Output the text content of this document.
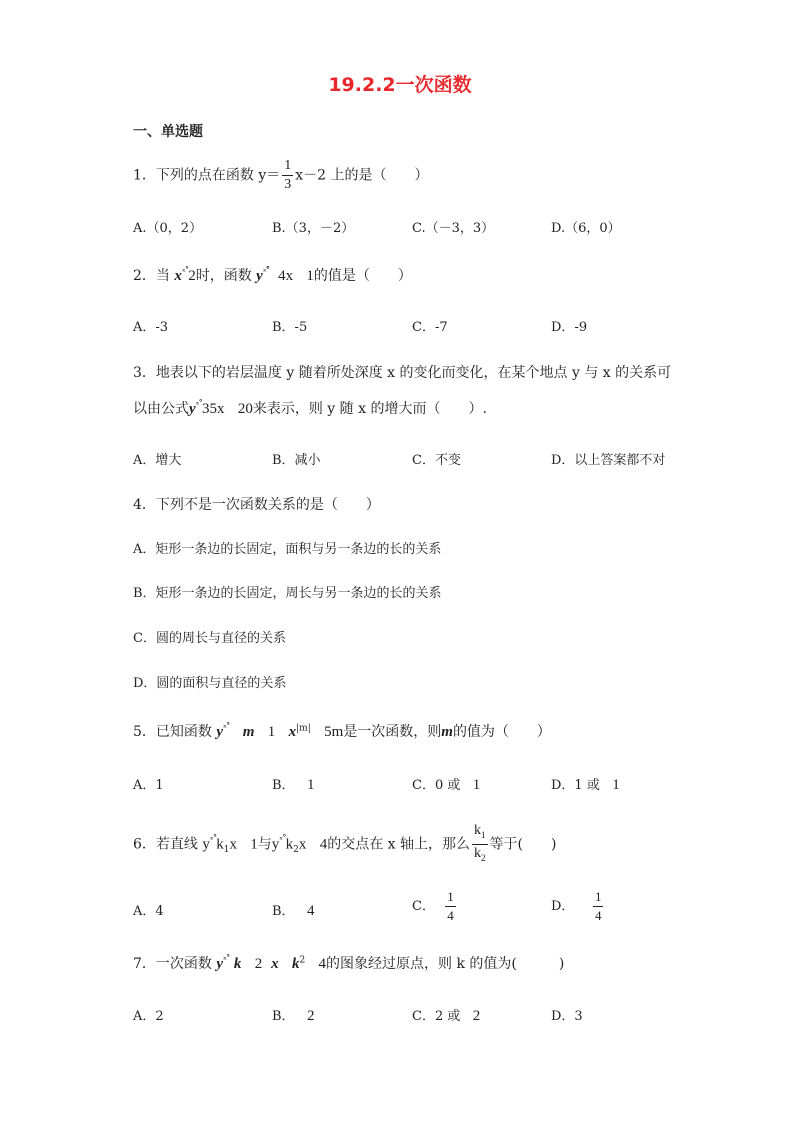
19.2.2一次函数
一、单选题
1．下列的点在函数 $y= \frac{1}{3} x-2$ 上的是（　　）
A.（0，2）	B.（3，－2）	C.（－3，3）	D.（6，0）
2．当 $x^{ˣ˚}2$时，函数 $y^{ˣ˚̊}$ 4x 1的值是（　　）
A．-3	B．-5	C．-7	D．-9
3．地表以下的岩层温度 y 随着所处深度 x 的变化而变化，在某个地点 y 与 x 的关系可
以由公式$y^{ˣ˚}35x$ 20来表示，则 y 随 x 的增大而（　　）.
A．增大	B．减小	C．不变	D．以上答案都不对
4．下列不是一次函数关系的是（　　）
A．矩形一条边的长固定，面积与另一条边的长的关系
B．矩形一条边的长固定，周长与另一条边的长的关系
C．圆的周长与直径的关系
D．圆的面积与直径的关系
5．已知函数 $y^{ˣ˚}$ m 1 $x^{|m|}$ 5m是一次函数，则m的值为（　　）
A．1	B． 1	C．0 或 1	D．1 或 1
6．若直线 $y^{ˣ˚}k_1x$ 1与$y^{ˣ˚}k_2x$ 4的交点在 x 轴上，那么 $\frac{k_1}{k_2}$ 等于(　　)
A．4	B． 4	C． $\frac{1}{4}$	D． $\frac{1}{4}$
7．一次函数 $y^{ˣ˚}$ k 2 x $k^2$ 4的图象经过原点，则 k 的值为(　　　)
A．2	B． 2	C．2 或 2	D．3
